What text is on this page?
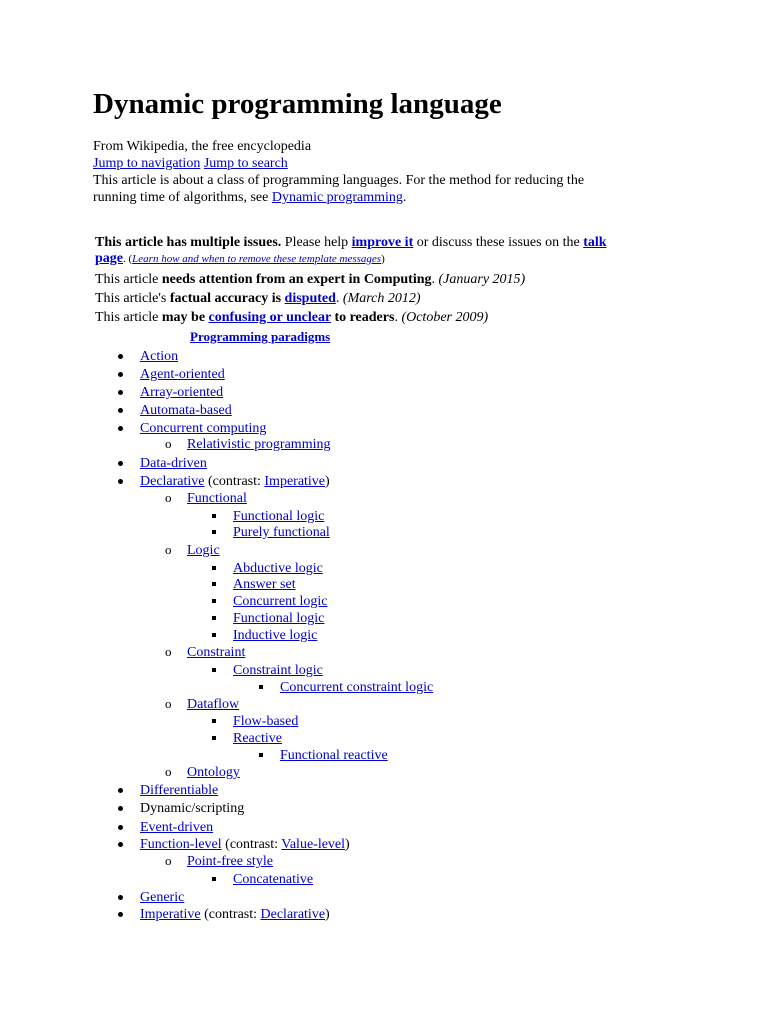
Dynamic programming language
From Wikipedia, the free encyclopedia
Jump to navigation Jump to search
This article is about a class of programming languages. For the method for reducing the
running time of algorithms, see Dynamic programming.
This article has multiple issues. Please help improve it or discuss these issues on the talk
page. (Learn how and when to remove these template messages)
This article needs attention from an expert in Computing. (January 2015)
This article's factual accuracy is disputed. (March 2012)
This article may be confusing or unclear to readers. (October 2009)
Programming paradigms
Action
Agent-oriented
Array-oriented
Automata-based
Concurrent computing
o Relativistic programming
Data-driven
Declarative (contrast: Imperative)
o Functional
Functional logic
Purely functional
o Logic
Abductive logic
Answer set
Concurrent logic
Functional logic
Inductive logic
o Constraint
Constraint logic
Concurrent constraint logic
o Dataflow
Flow-based
Reactive
Functional reactive
o Ontology
Differentiable
Dynamic/scripting
Event-driven
Function-level (contrast: Value-level)
o Point-free style
Concatenative
Generic
Imperative (contrast: Declarative)
